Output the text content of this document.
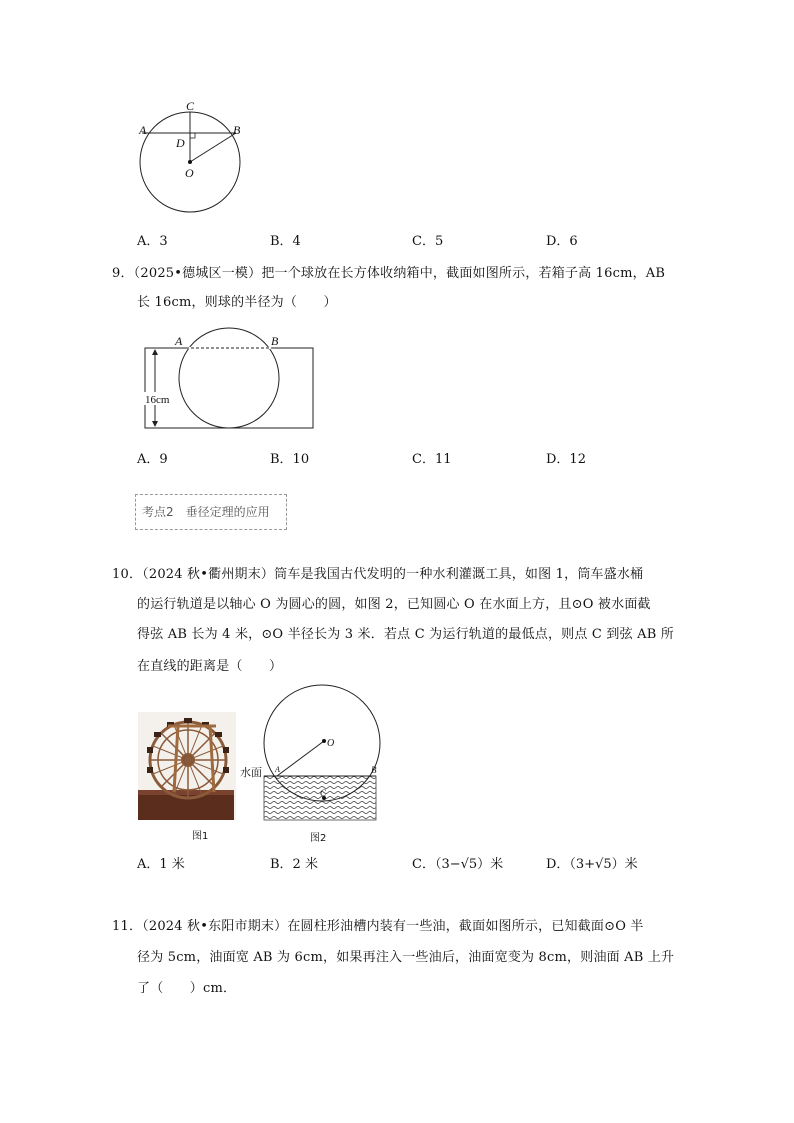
C
A	B
D
O
A．3	B．4	C．5	D．6
9．（2025•德城区一模）把一个球放在长方体收纳箱中，截面如图所示，若箱子高 16cm，AB
长 16cm，则球的半径为（　　）
16cm
A	B
A．9	B．10	C．11	D．12
考点2　垂径定理的应用
10．（2024 秋•衢州期末）筒车是我国古代发明的一种水利灌溉工具，如图 1，筒车盛水桶
的运行轨道是以轴心 O 为圆心的圆，如图 2，已知圆心 O 在水面上方，且⊙O 被水面截
得弦 AB 长为 4 米，⊙O 半径长为 3 米．若点 C 为运行轨道的最低点，则点 C 到弦 AB 所
在直线的距离是（　　）
图1
O
A	B
C
水面
图2
A．1 米	B．2 米	C．（3−√5）米	D．（3+√5）米
11．（2024 秋•东阳市期末）在圆柱形油槽内装有一些油，截面如图所示，已知截面⊙O 半
径为 5cm，油面宽 AB 为 6cm，如果再注入一些油后，油面宽变为 8cm，则油面 AB 上升
了（　　）cm．
